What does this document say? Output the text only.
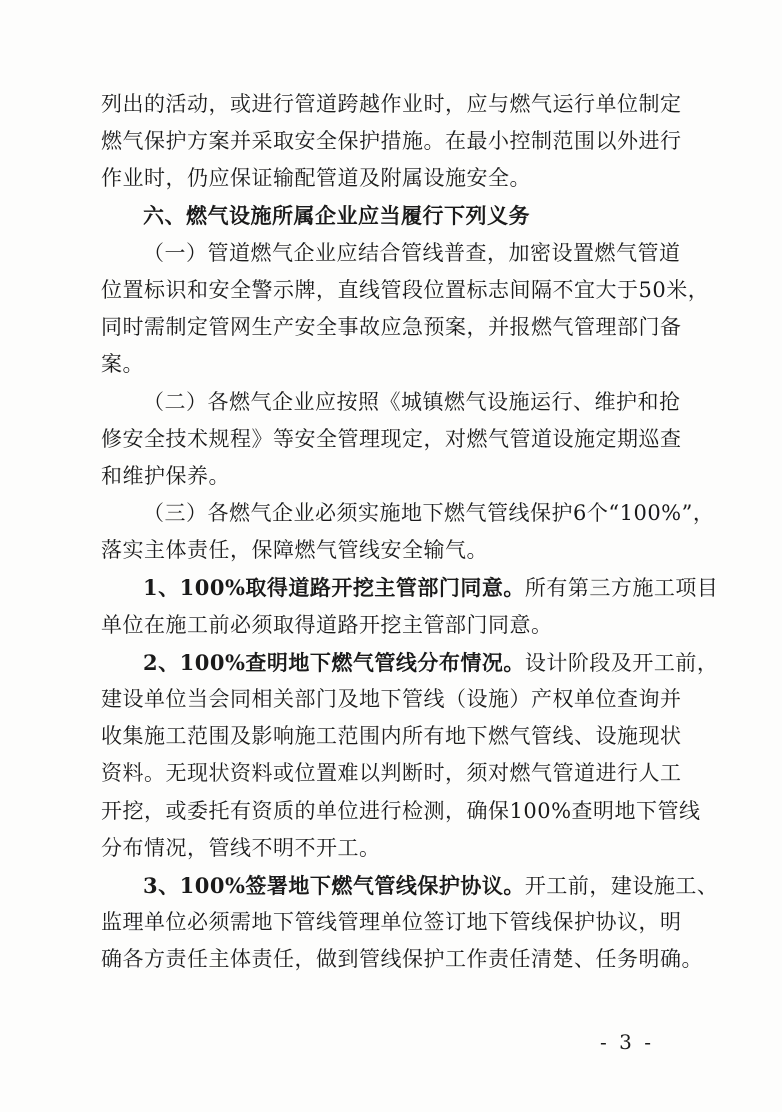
列出的活动，或进行管道跨越作业时，应与燃气运行单位制定
燃气保护方案并采取安全保护措施。在最小控制范围以外进行
作业时，仍应保证输配管道及附属设施安全。
六、燃气设施所属企业应当履行下列义务
（一）管道燃气企业应结合管线普查，加密设置燃气管道
位置标识和安全警示牌，直线管段位置标志间隔不宜大于50米，
同时需制定管网生产安全事故应急预案，并报燃气管理部门备
案。
（二）各燃气企业应按照《城镇燃气设施运行、维护和抢
修安全技术规程》等安全管理现定，对燃气管道设施定期巡查
和维护保养。
（三）各燃气企业必须实施地下燃气管线保护6个“100%”，
落实主体责任，保障燃气管线安全输气。
1、100%取得道路开挖主管部门同意。所有第三方施工项目
单位在施工前必须取得道路开挖主管部门同意。
2、100%查明地下燃气管线分布情况。设计阶段及开工前，
建设单位当会同相关部门及地下管线（设施）产权单位查询并
收集施工范围及影响施工范围内所有地下燃气管线、设施现状
资料。无现状资料或位置难以判断时，须对燃气管道进行人工
开挖，或委托有资质的单位进行检测，确保100%查明地下管线
分布情况，管线不明不开工。
3、100%签署地下燃气管线保护协议。开工前，建设施工、
监理单位必须需地下管线管理单位签订地下管线保护协议，明
确各方责任主体责任，做到管线保护工作责任清楚、任务明确。
- 3 -
